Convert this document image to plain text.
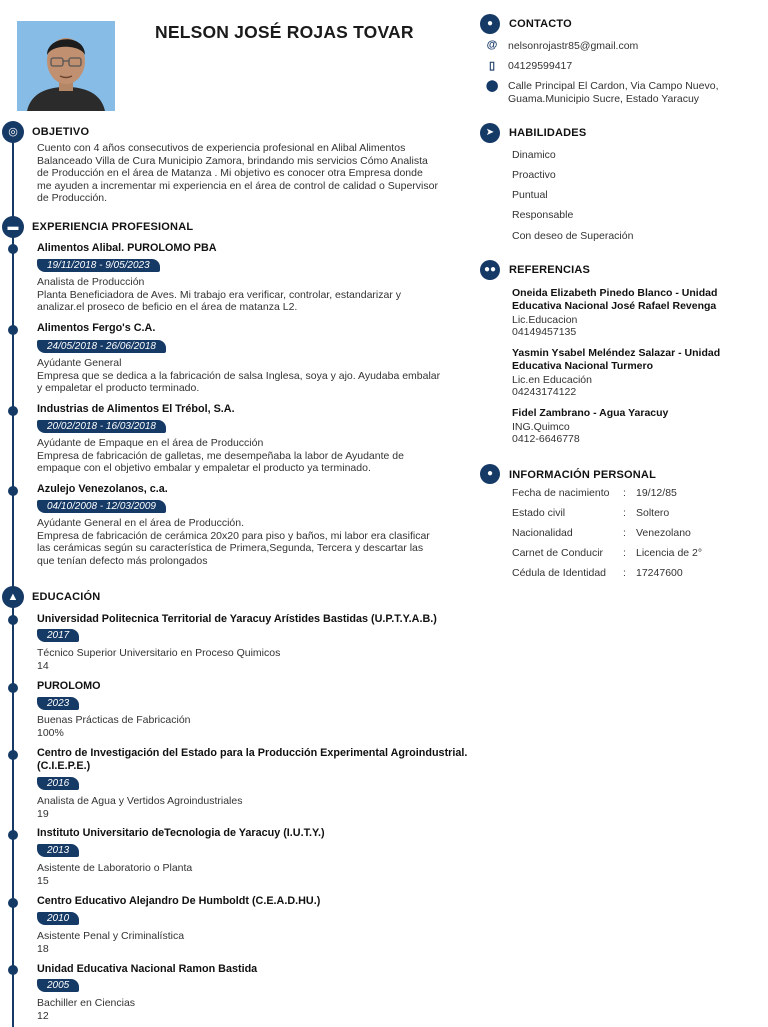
NELSON JOSÉ ROJAS TOVAR
◎	OBJETIVO
Cuento con 4 años consecutivos de experiencia profesional en Alibal Alimentos
Balanceado Villa de Cura Municipio Zamora, brindando mis servicios Cómo Analista
de Producción en el área de Matanza . Mi objetivo es conocer otra Empresa donde
me ayuden a incrementar mi experiencia en el área de control de calidad o Supervisor
de Producción.
▬	EXPERIENCIA PROFESIONAL
Alimentos Alibal. PUROLOMO PBA
19/11/2018 - 9/05/2023
Analista de Producción
Planta Beneficiadora de Aves. Mi trabajo era verificar, controlar, estandarizar y
analizar.el proseco de beficio en el área de matanza L2.
Alimentos Fergo's C.A.
24/05/2018 - 26/06/2018
Ayúdante General
Empresa que se dedica a la fabricación de salsa Inglesa, soya y ajo. Ayudaba embalar
y empaletar el producto terminado.
Industrias de Alimentos El Trébol, S.A.
20/02/2018 - 16/03/2018
Ayúdante de Empaque en el área de Producción
Empresa de fabricación de galletas, me desempeñaba la labor de Ayudante de
empaque con el objetivo embalar y empaletar el producto ya terminado.
Azulejo Venezolanos, c.a.
04/10/2008 - 12/03/2009
Ayúdante General en el área de Producción.
Empresa de fabricación de cerámica 20x20 para piso y baños, mi labor era clasificar
las cerámicas según su característica de Primera,Segunda, Tercera y descartar las
que tenían defecto más prolongados
▲	EDUCACIÓN
Universidad Politecnica Territorial de Yaracuy Arístides Bastidas (U.P.T.Y.A.B.)
2017
Técnico Superior Universitario en Proceso Quimicos
14
PUROLOMO
2023
Buenas Prácticas de Fabricación
100%
Centro de Investigación del Estado para la Producción Experimental Agroindustrial.
(C.I.E.P.E.)
2016
Analista de Agua y Vertidos Agroindustriales
19
Instituto Universitario deTecnologia de Yaracuy (I.U.T.Y.)
2013
Asistente de Laboratorio o Planta
15
Centro Educativo Alejandro De Humboldt (C.E.A.D.HU.)
2010
Asistente Penal y Criminalística
18
Unidad Educativa Nacional Ramon Bastida
2005
Bachiller en Ciencias
12
●	CONTACTO
@ nelsonrojastr85@gmail.com
▯ 04129599417
⬤ Calle Principal El Cardon, Via Campo Nuevo,
Guama.Municipio Sucre, Estado Yaracuy
➤	HABILIDADES
Dinamico
Proactivo
Puntual
Responsable
Con deseo de Superación
●●	REFERENCIAS
Oneida Elizabeth Pinedo Blanco - Unidad
Educativa Nacional José Rafael Revenga
Lic.Educacion
04149457135
Yasmin Ysabel Meléndez Salazar - Unidad
Educativa Nacional Turmero
Lic.en Educación
04243174122
Fidel Zambrano - Agua Yaracuy
ING.Quimco
0412-6646778
●	INFORMACIÓN PERSONAL
Fecha de nacimiento : 19/12/85
Estado civil	: Soltero
Nacionalidad	: Venezolano
Carnet de Conducir : Licencia de 2°
Cédula de Identidad : 17247600
